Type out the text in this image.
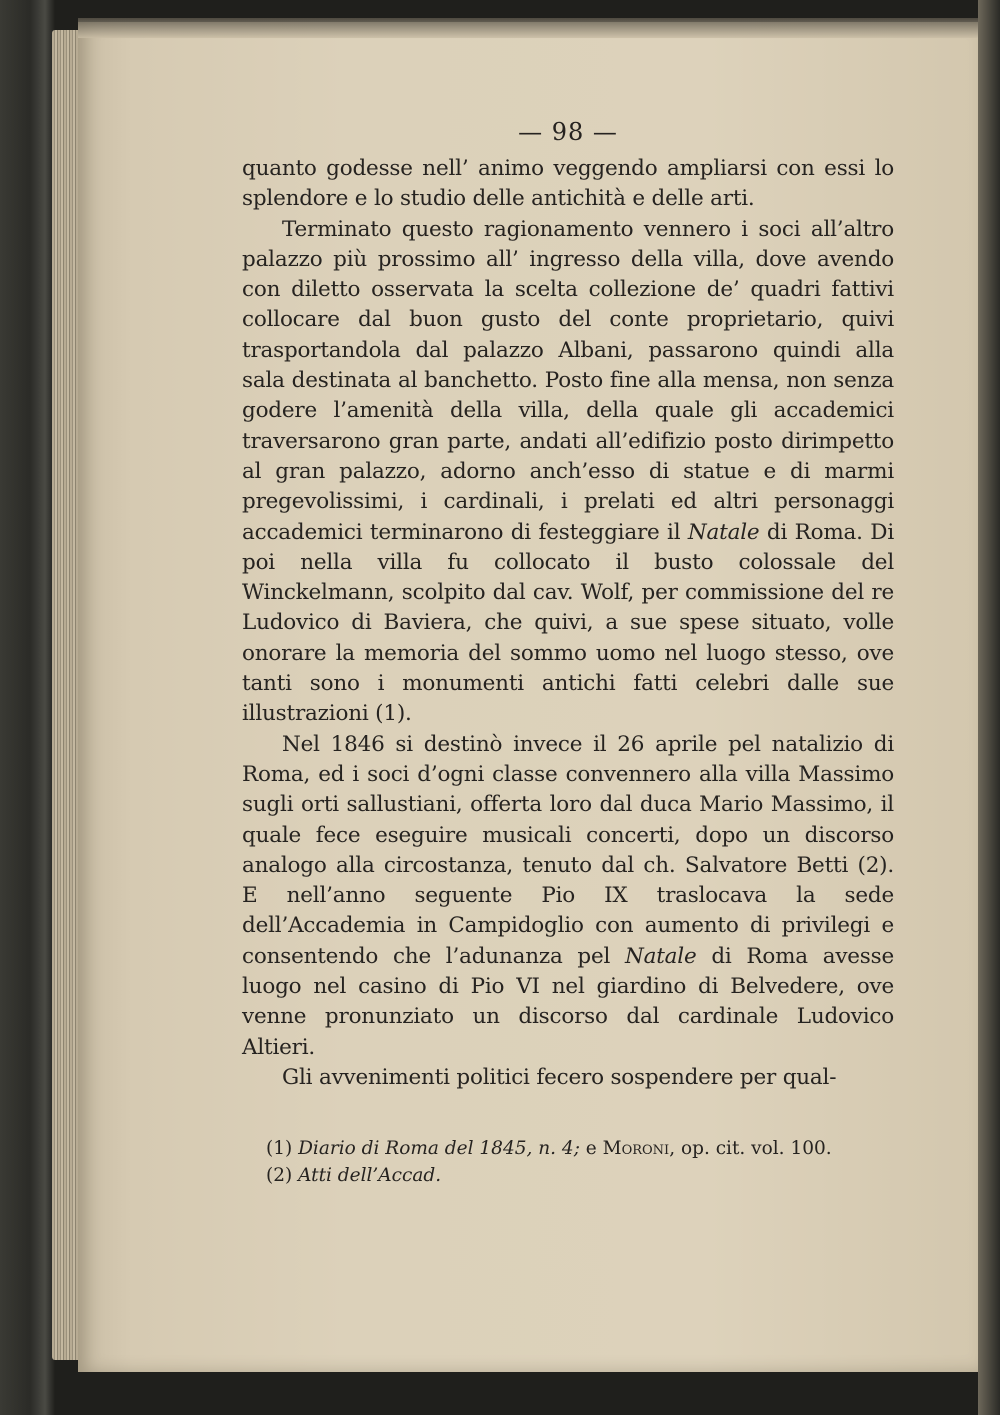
— 98 —

quanto godesse nell’ animo veggendo ampliarsi con essi lo splendore e lo studio delle antichità e delle arti.

Terminato questo ragionamento vennero i soci all’altro palazzo più prossimo all’ ingresso della villa, dove avendo con diletto osservata la scelta collezione de’ quadri fattivi collocare dal buon gusto del conte proprietario, quivi trasportandola dal palazzo Albani, passarono quindi alla sala destinata al banchetto. Posto fine alla mensa, non senza godere l’amenità della villa, della quale gli accademici traversarono gran parte, andati all’edifizio posto dirimpetto al gran palazzo, adorno anch’esso di statue e di marmi pregevolissimi, i cardinali, i prelati ed altri personaggi accademici terminarono di festeggiare il Natale di Roma. Di poi nella villa fu collocato il busto colossale del Winckelmann, scolpito dal cav. Wolf, per commissione del re Ludovico di Baviera, che quivi, a sue spese situato, volle onorare la memoria del sommo uomo nel luogo stesso, ove tanti sono i monumenti antichi fatti celebri dalle sue illustrazioni (1).

Nel 1846 si destinò invece il 26 aprile pel natalizio di Roma, ed i soci d’ogni classe convennero alla villa Massimo sugli orti sallustiani, offerta loro dal duca Mario Massimo, il quale fece eseguire musicali concerti, dopo un discorso analogo alla circostanza, tenuto dal ch. Salvatore Betti (2). E nell’anno seguente Pio IX traslocava la sede dell’Accademia in Campidoglio con aumento di privilegi e consentendo che l’adunanza pel Natale di Roma avesse luogo nel casino di Pio VI nel giardino di Belvedere, ove venne pronunziato un discorso dal cardinale Ludovico Altieri.

Gli avvenimenti politici fecero sospendere per qual-

(1) Diario di Roma del 1845, n. 4; e Moroni, op. cit. vol. 100.
(2) Atti dell’Accad.
